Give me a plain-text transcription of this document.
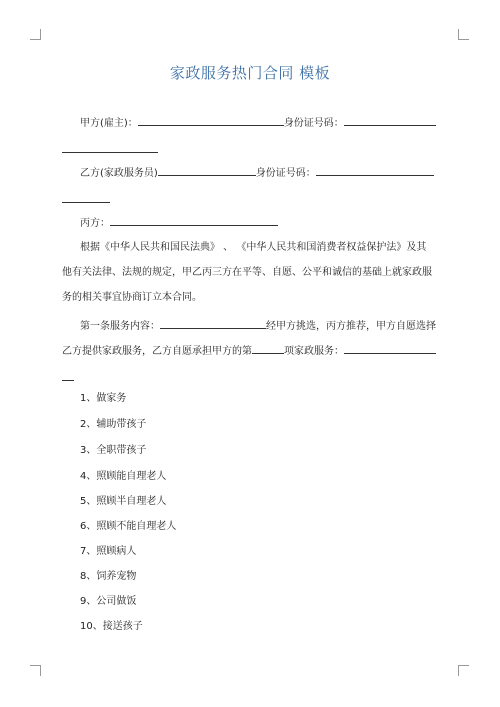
家政服务热门合同 模板
甲方(雇主)：	身份证号码：
乙方(家政服务员)	身份证号码：
丙方：
根据《中华人民共和国民法典》 、 《中华人民共和国消费者权益保护法》及其
他有关法律、法规的规定，甲乙丙三方在平等、自愿、公平和诚信的基础上就家政服
务的相关事宜协商订立本合同。
第一条服务内容：	经甲方挑选，丙方推荐，甲方自愿选择
乙方提供家政服务，乙方自愿承担甲方的第	项家政服务：
1、做家务
2、辅助带孩子
3、全职带孩子
4、照顾能自理老人
5、照顾半自理老人
6、照顾不能自理老人
7、照顾病人
8、饲养宠物
9、公司做饭
10、接送孩子
